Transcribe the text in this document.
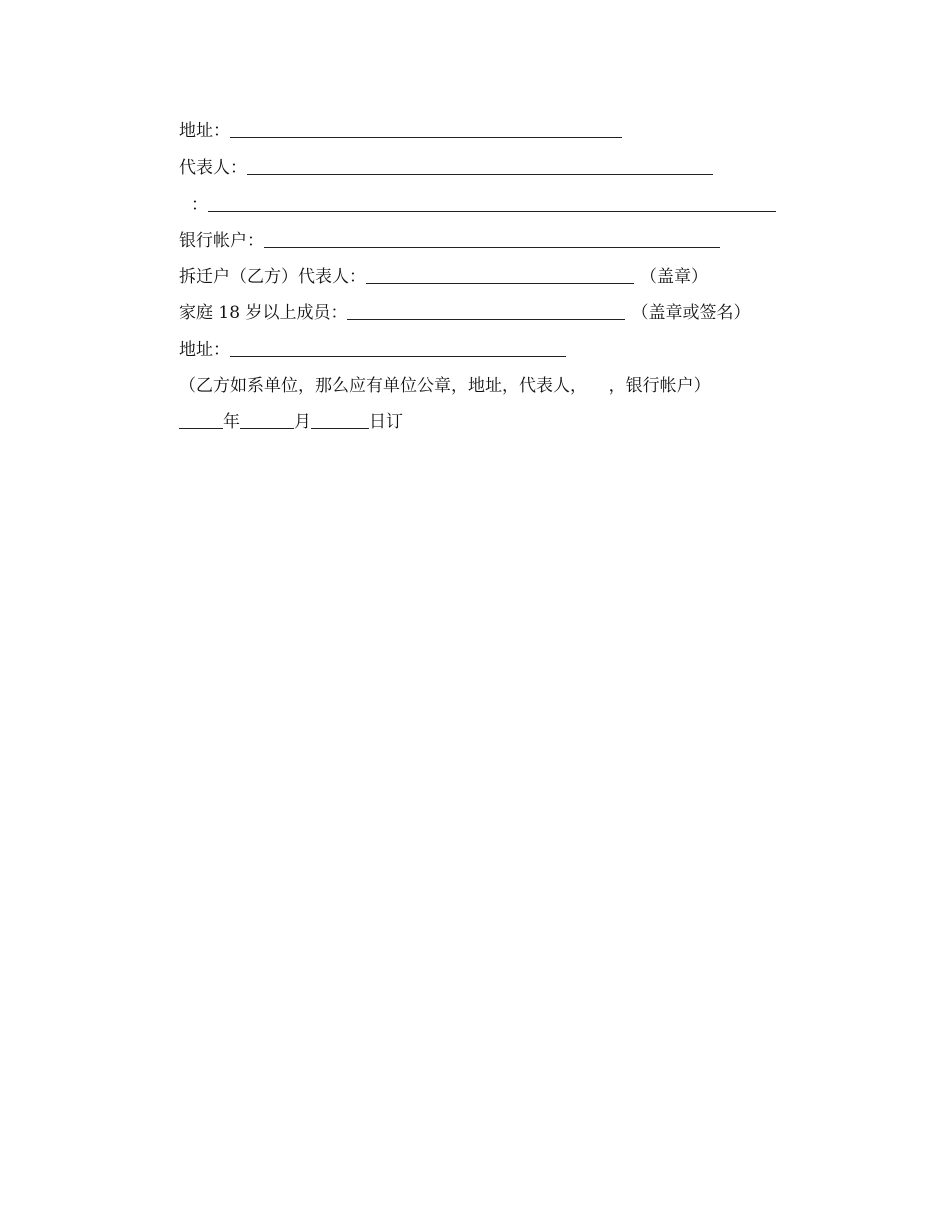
地址：
代表人：
：
银行帐户：
拆迁户（乙方）代表人：	（盖章）
家庭 18 岁以上成员：	（盖章或签名）
地址：
（乙方如系单位，那么应有单位公章，地址，代表人，    ，银行帐户）
年	月	日订
